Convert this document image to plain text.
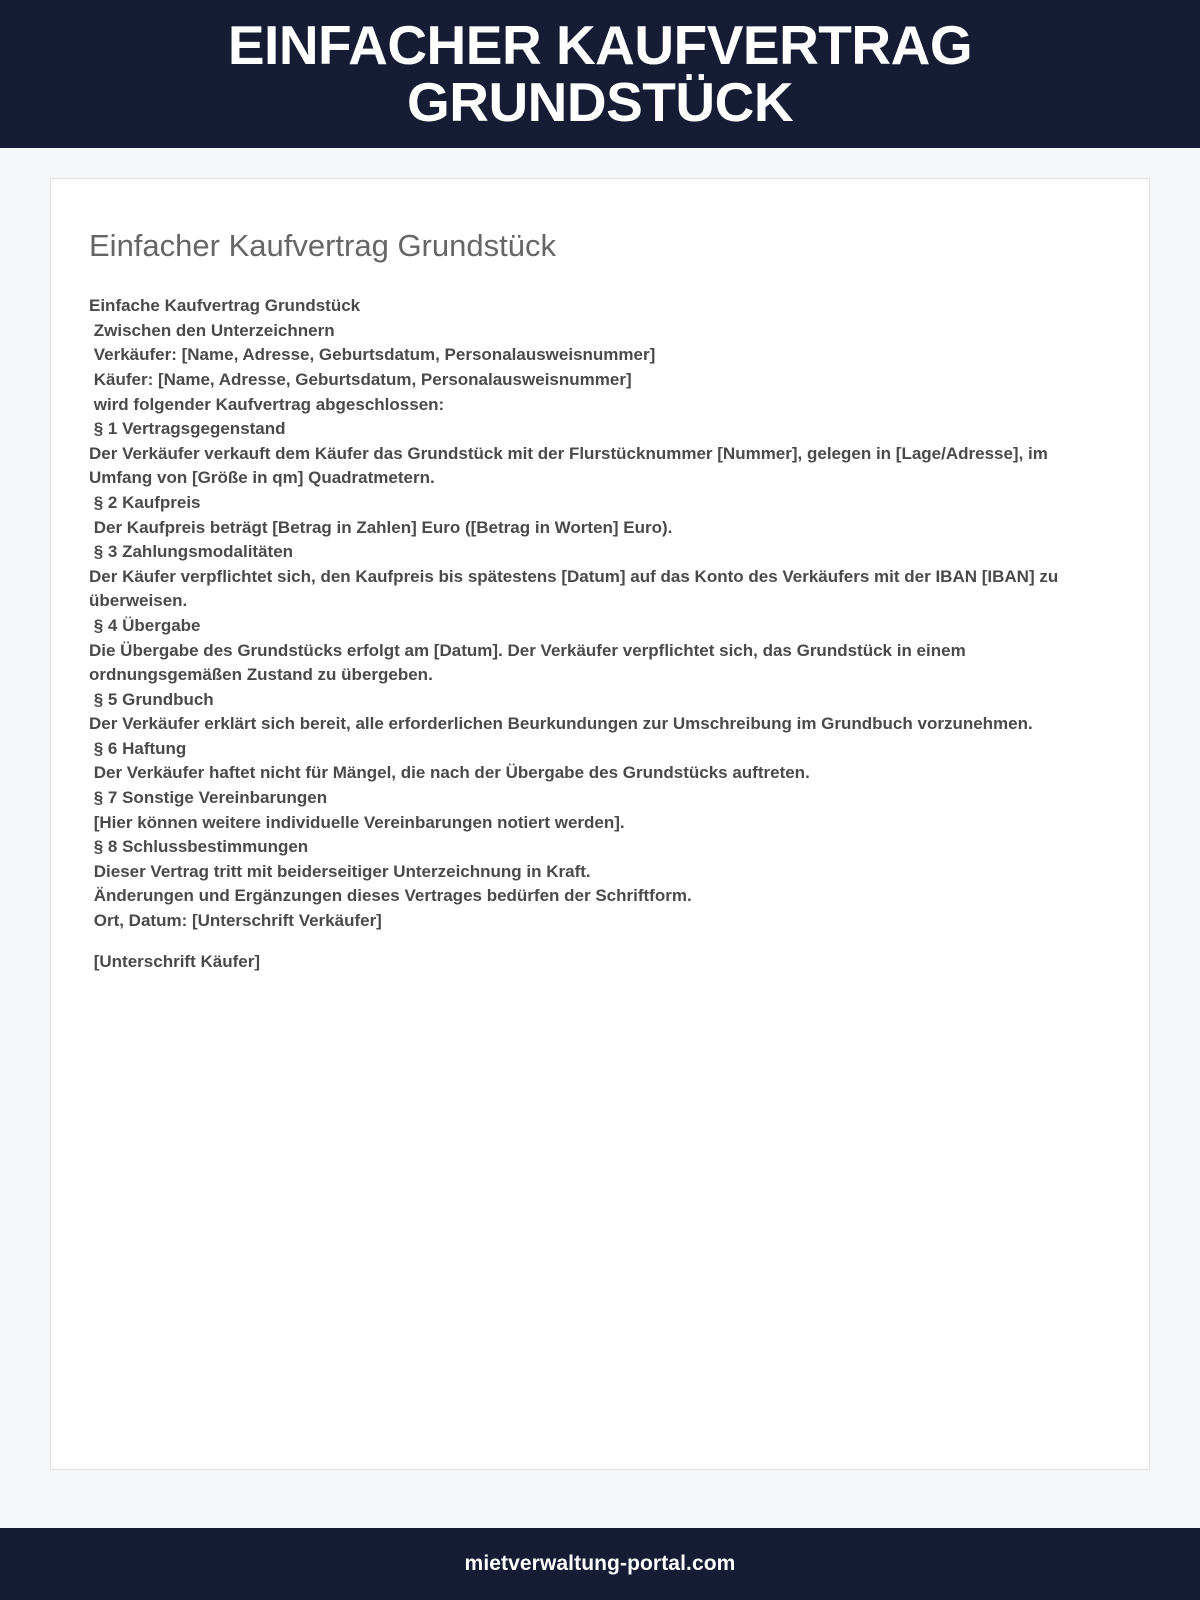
EINFACHER KAUFVERTRAG GRUNDSTÜCK
Einfacher Kaufvertrag Grundstück

Einfache Kaufvertrag Grundstück

Zwischen den Unterzeichnern

Verkäufer: [Name, Adresse, Geburtsdatum, Personalausweisnummer]

Käufer: [Name, Adresse, Geburtsdatum, Personalausweisnummer]

wird folgender Kaufvertrag abgeschlossen:

§ 1 Vertragsgegenstand

Der Verkäufer verkauft dem Käufer das Grundstück mit der Flurstücknummer [Nummer], gelegen in [Lage/Adresse], im Umfang von [Größe in qm] Quadratmetern.

§ 2 Kaufpreis

Der Kaufpreis beträgt [Betrag in Zahlen] Euro ([Betrag in Worten] Euro).

§ 3 Zahlungsmodalitäten

Der Käufer verpflichtet sich, den Kaufpreis bis spätestens [Datum] auf das Konto des Verkäufers mit der IBAN [IBAN] zu überweisen.

§ 4 Übergabe

Die Übergabe des Grundstücks erfolgt am [Datum]. Der Verkäufer verpflichtet sich, das Grundstück in einem ordnungsgemäßen Zustand zu übergeben.

§ 5 Grundbuch

Der Verkäufer erklärt sich bereit, alle erforderlichen Beurkundungen zur Umschreibung im Grundbuch vorzunehmen.

§ 6 Haftung

Der Verkäufer haftet nicht für Mängel, die nach der Übergabe des Grundstücks auftreten.

§ 7 Sonstige Vereinbarungen

[Hier können weitere individuelle Vereinbarungen notiert werden].

§ 8 Schlussbestimmungen

Dieser Vertrag tritt mit beiderseitiger Unterzeichnung in Kraft.

Änderungen und Ergänzungen dieses Vertrages bedürfen der Schriftform.

Ort, Datum: [Unterschrift Verkäufer]

[Unterschrift Käufer]

mietverwaltung-portal.com
